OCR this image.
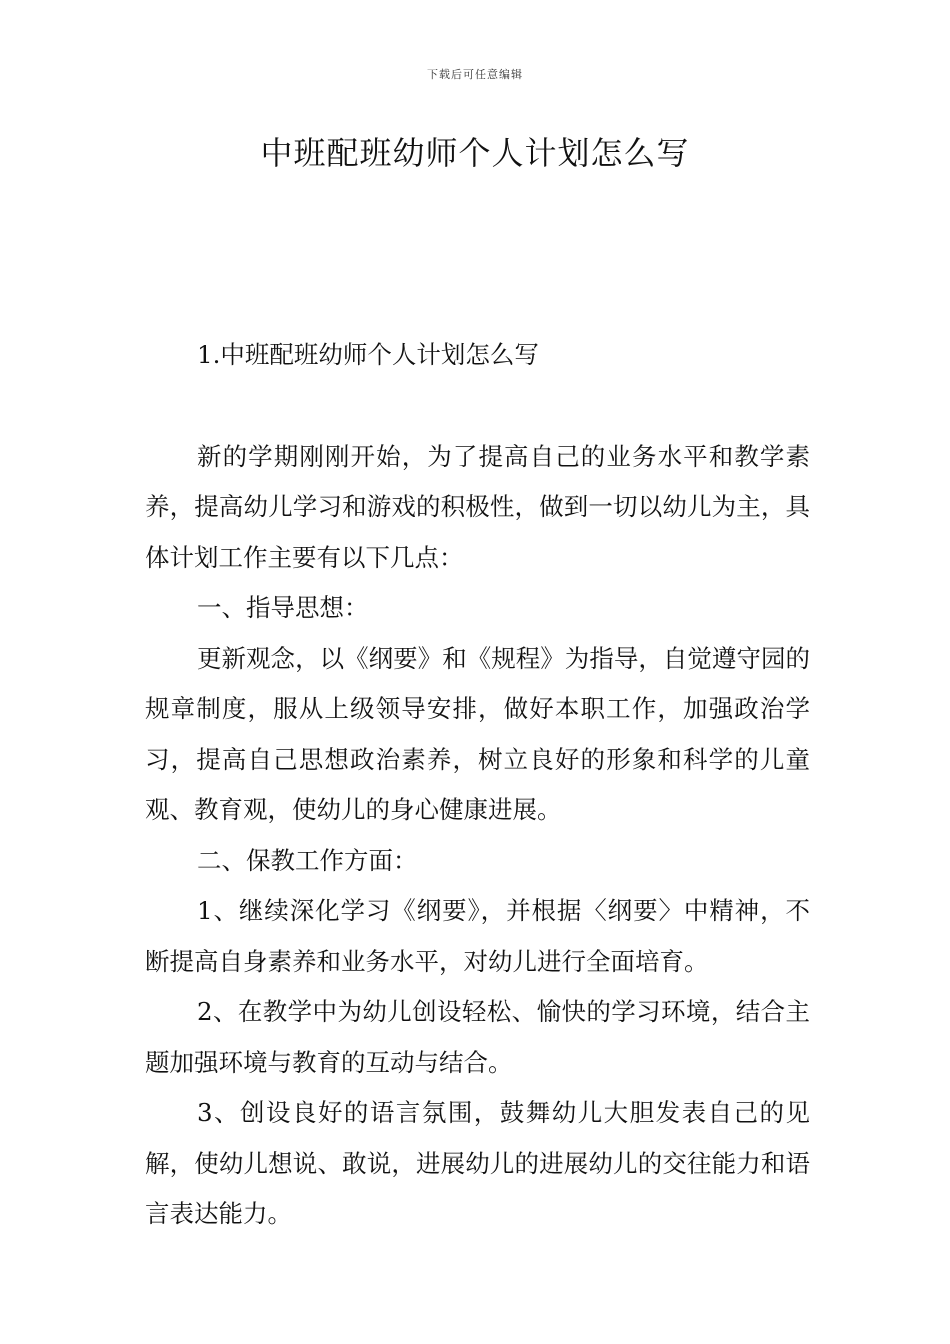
下载后可任意编辑
中班配班幼师个人计划怎么写

1.中班配班幼师个人计划怎么写

新的学期刚刚开始，为了提高自己的业务水平和教学素养，提高幼儿学习和游戏的积极性，做到一切以幼儿为主，具体计划工作主要有以下几点：

一、指导思想：

更新观念，以《纲要》和《规程》为指导，自觉遵守园的规章制度，服从上级领导安排，做好本职工作，加强政治学习，提高自己思想政治素养，树立良好的形象和科学的儿童观、教育观，使幼儿的身心健康进展。

二、保教工作方面：

1、继续深化学习《纲要》，并根据〈纲要〉中精神，不断提高自身素养和业务水平，对幼儿进行全面培育。

2、在教学中为幼儿创设轻松、愉快的学习环境，结合主题加强环境与教育的互动与结合。

3、创设良好的语言氛围，鼓舞幼儿大胆发表自己的见解，使幼儿想说、敢说，进展幼儿的进展幼儿的交往能力和语言表达能力。
